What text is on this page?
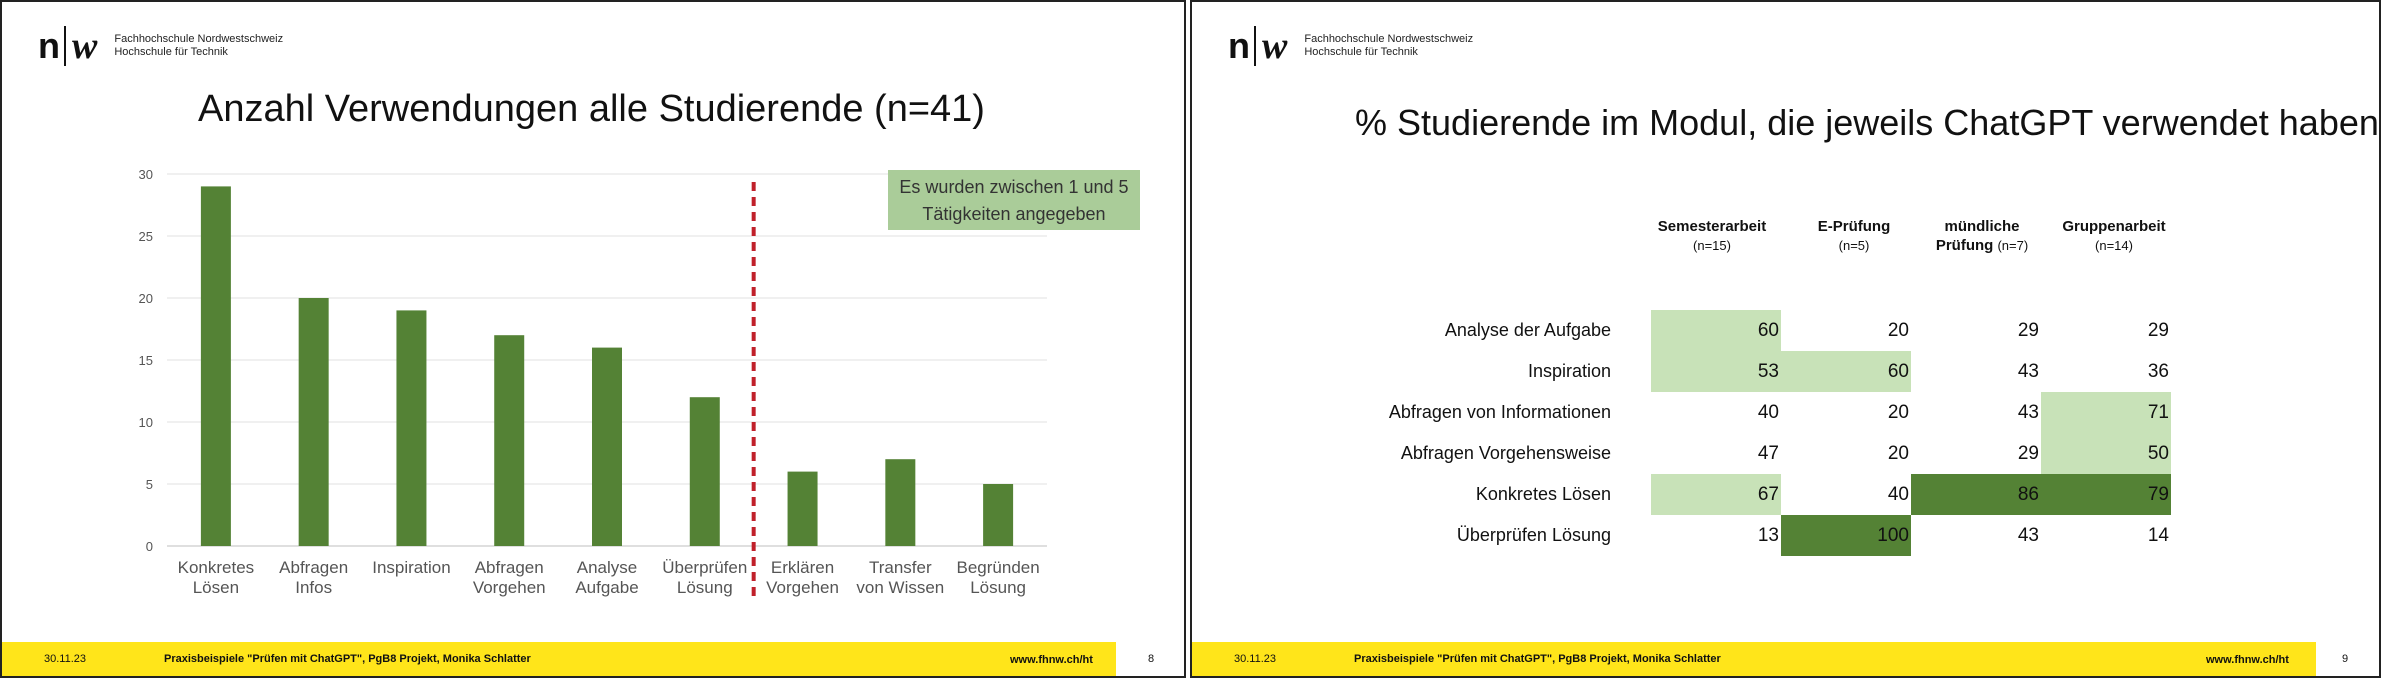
n w Fachhochschule Nordwestschweiz
Hochschule für Technik
Anzahl Verwendungen alle Studierende (n=41)
0
5
10
15
20
25
30
Konkretes
Lösen
Abfragen
Infos
Inspiration Abfragen
Vorgehen
Analyse
Aufgabe
Überprüfen
Lösung
Erklären
Vorgehen
Transfer
von Wissen
Begründen
Lösung
Es wurden zwischen 1 und 5 Tätigkeiten angegeben
30.11.23	Praxisbeispiele "Prüfen mit ChatGPT", PgB8 Projekt, Monika Schlatter	www.fhnw.ch/ht	8
n w Fachhochschule Nordwestschweiz
Hochschule für Technik
% Studierende im Modul, die jeweils ChatGPT verwendet haben
Semesterarbeit
(n=15)
E-Prüfung
(n=5)
mündliche
Prüfung (n=7)
Gruppenarbeit
(n=14)
Analyse der Aufgabe	60	20	29	29
Inspiration	53	60	43	36
Abfragen von Informationen	40	20	43	71
Abfragen Vorgehensweise	47	20	29	50
Konkretes Lösen	67	40	86	79
Überprüfen Lösung	13	100	43	14
30.11.23	Praxisbeispiele "Prüfen mit ChatGPT", PgB8 Projekt, Monika Schlatter	www.fhnw.ch/ht	9
